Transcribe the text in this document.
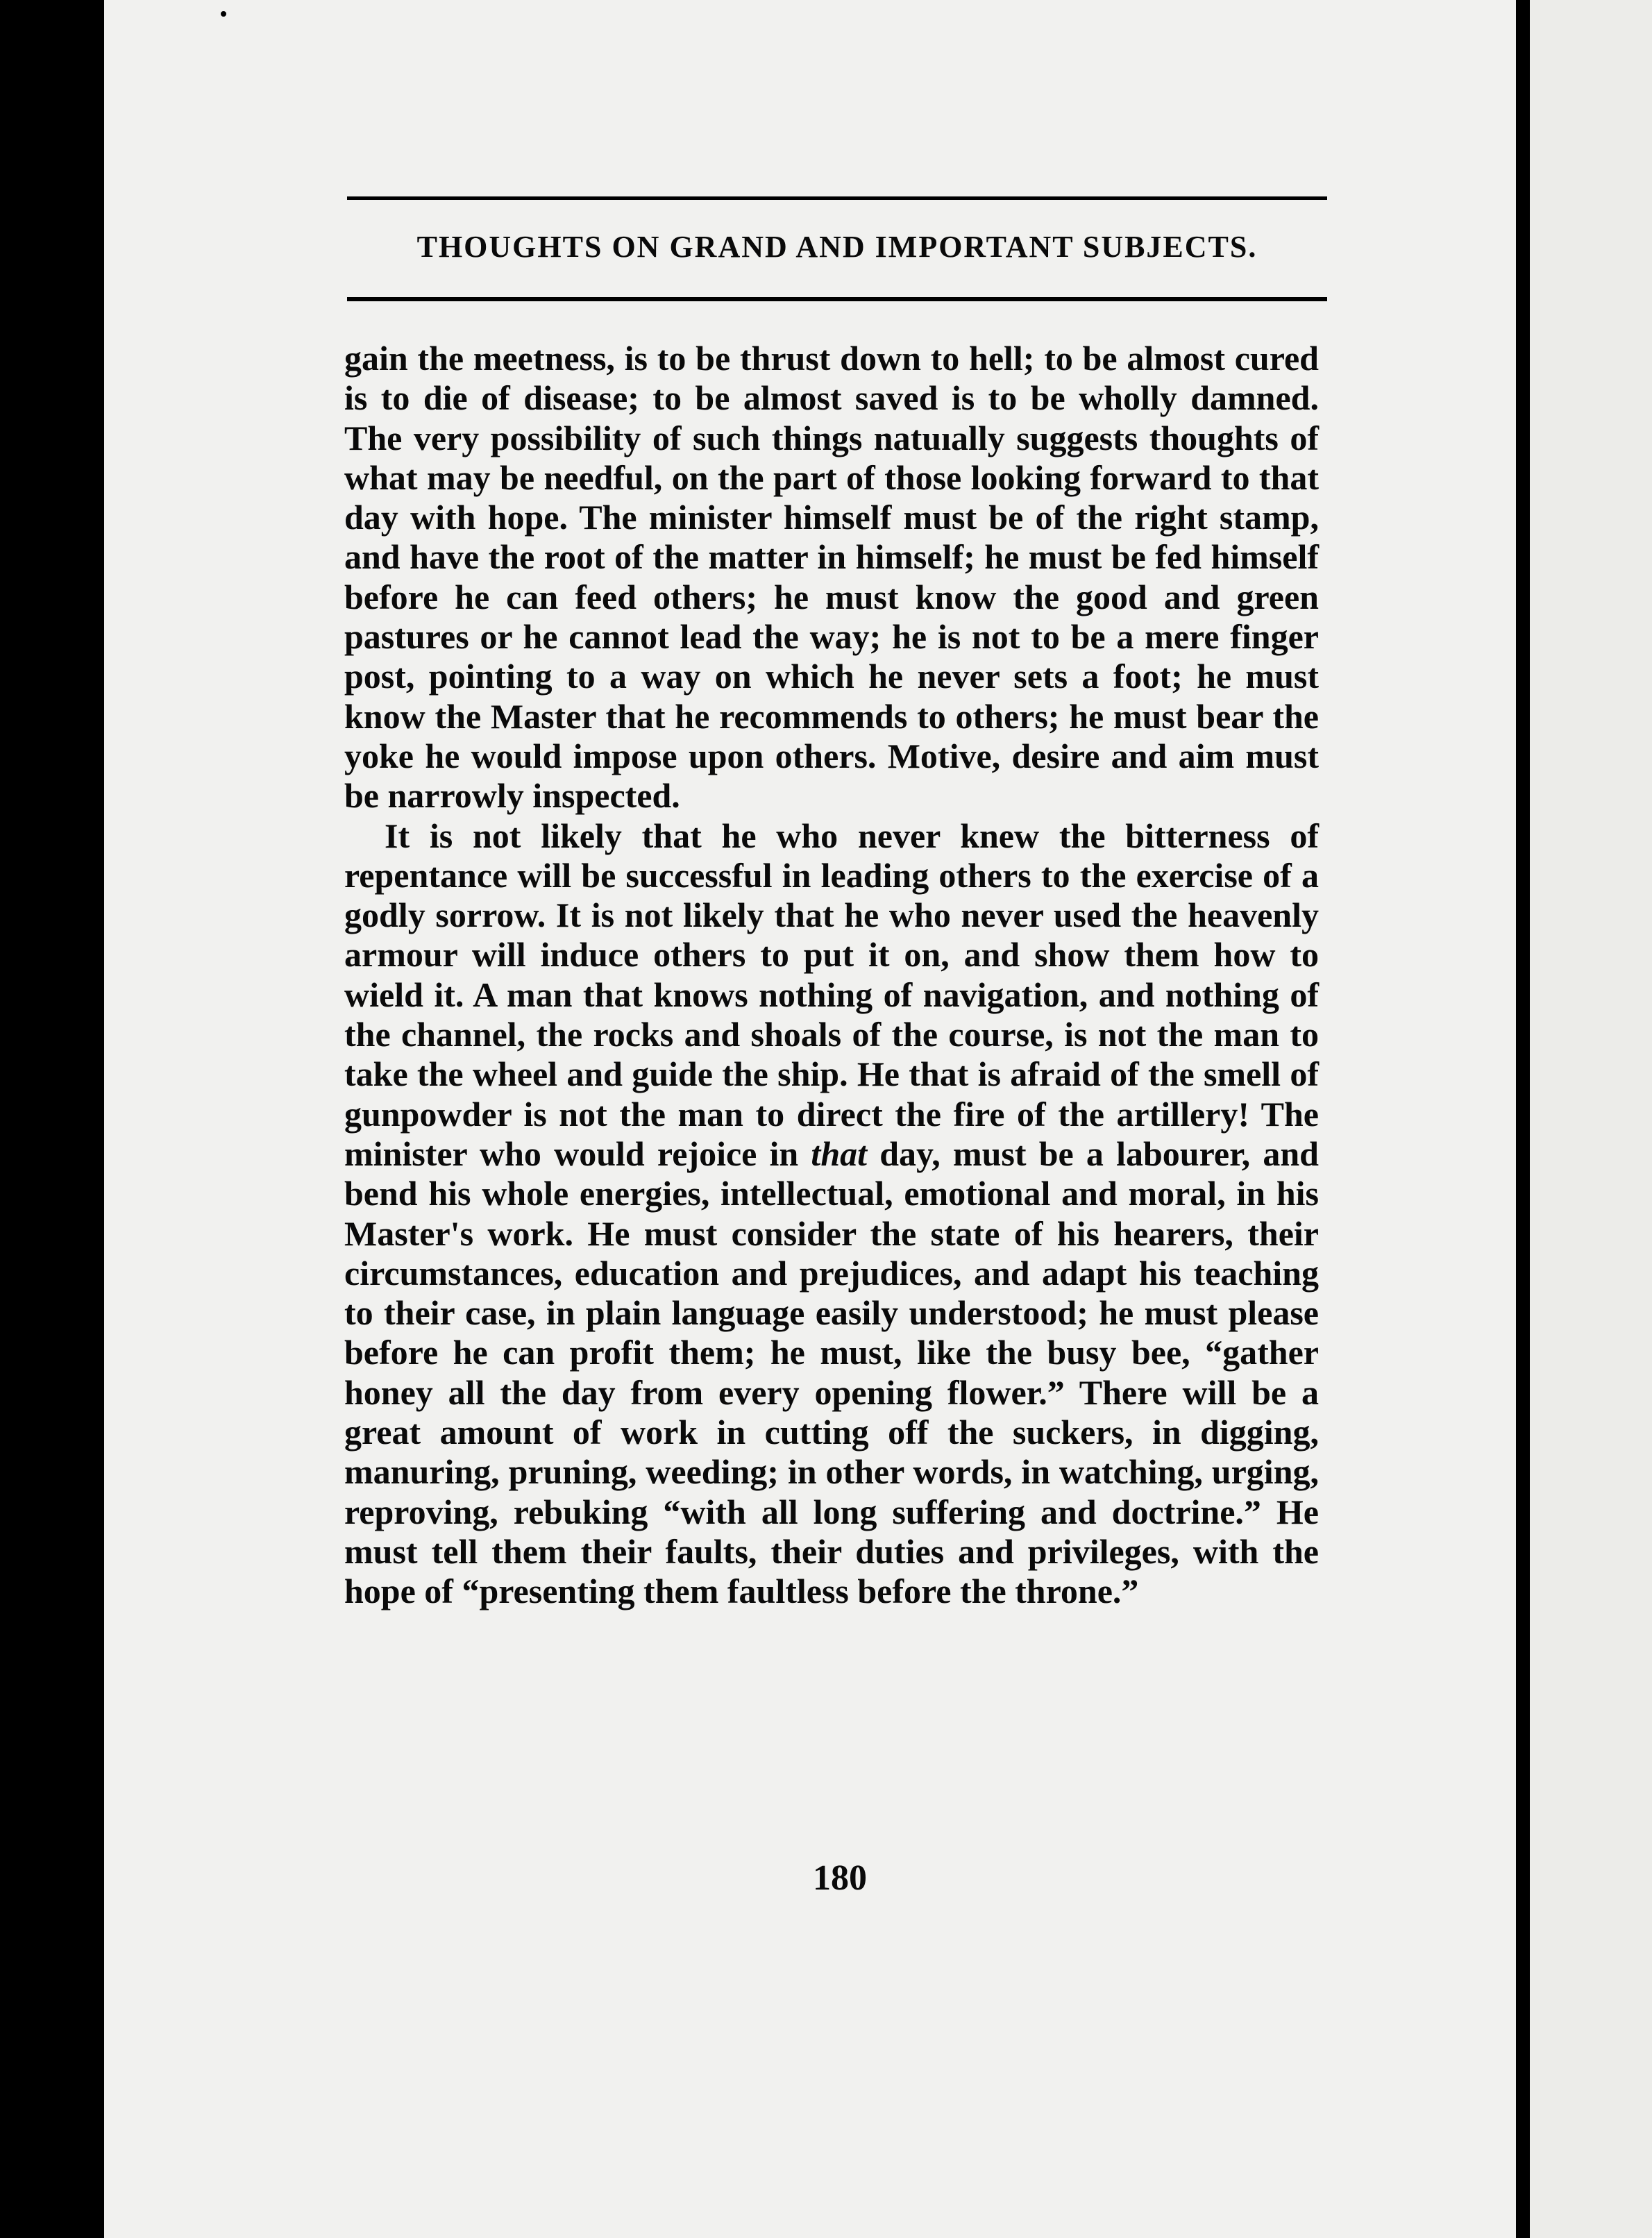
THOUGHTS ON GRAND AND IMPORTANT SUBJECTS.

gain the meetness, is to be thrust down to hell; to be almost cured is to die of disease; to be almost saved is to be wholly damned. The very possibility of such things natuıally suggests thoughts of what may be needful, on the part of those looking forward to that day with hope. The minister himself must be of the right stamp, and have the root of the matter in himself; he must be fed himself before he can feed others; he must know the good and green pastures or he cannot lead the way; he is not to be a mere finger post, pointing to a way on which he never sets a foot; he must know the Master that he recommends to others; he must bear the yoke he would impose upon others. Motive, desire and aim must be narrowly inspected.

It is not likely that he who never knew the bitterness of repentance will be successful in leading others to the exercise of a godly sorrow. It is not likely that he who never used the heavenly armour will induce others to put it on, and show them how to wield it. A man that knows nothing of navigation, and nothing of the channel, the rocks and shoals of the course, is not the man to take the wheel and guide the ship. He that is afraid of the smell of gunpowder is not the man to direct the fire of the artillery! The minister who would rejoice in that day, must be a labourer, and bend his whole energies, intellectual, emotional and moral, in his Master's work. He must consider the state of his hearers, their circumstances, education and prejudices, and adapt his teaching to their case, in plain language easily understood; he must please before he can profit them; he must, like the busy bee, “gather honey all the day from every opening flower.” There will be a great amount of work in cutting off the suckers, in digging, manuring, pruning, weeding; in other words, in watching, urging, reproving, rebuking “with all long suffering and doctrine.” He must tell them their faults, their duties and privileges, with the hope of “presenting them faultless before the throne.”

180
